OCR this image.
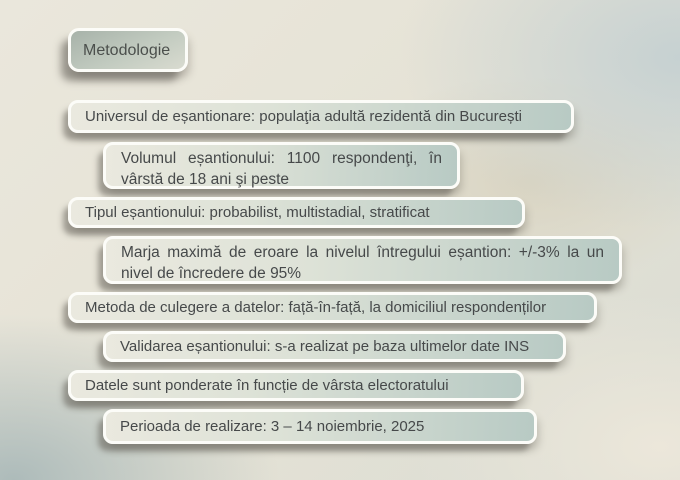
Metodologie
Universul de eșantionare: populaţia adultă rezidentă din București
Volumul eșantionului: 1100 respondenţi, în vârstă de 18 ani şi peste
Tipul eșantionului: probabilist, multistadial, stratificat
Marja maximă de eroare la nivelul întregului eșantion: +/-3% la un nivel de încredere de 95%
Metoda de culegere a datelor: față-în-față, la domiciliul respondenților
Validarea eșantionului: s-a realizat pe baza ultimelor date INS
Datele sunt ponderate în funcție de vârsta electoratului
Perioada de realizare: 3 – 14 noiembrie, 2025
